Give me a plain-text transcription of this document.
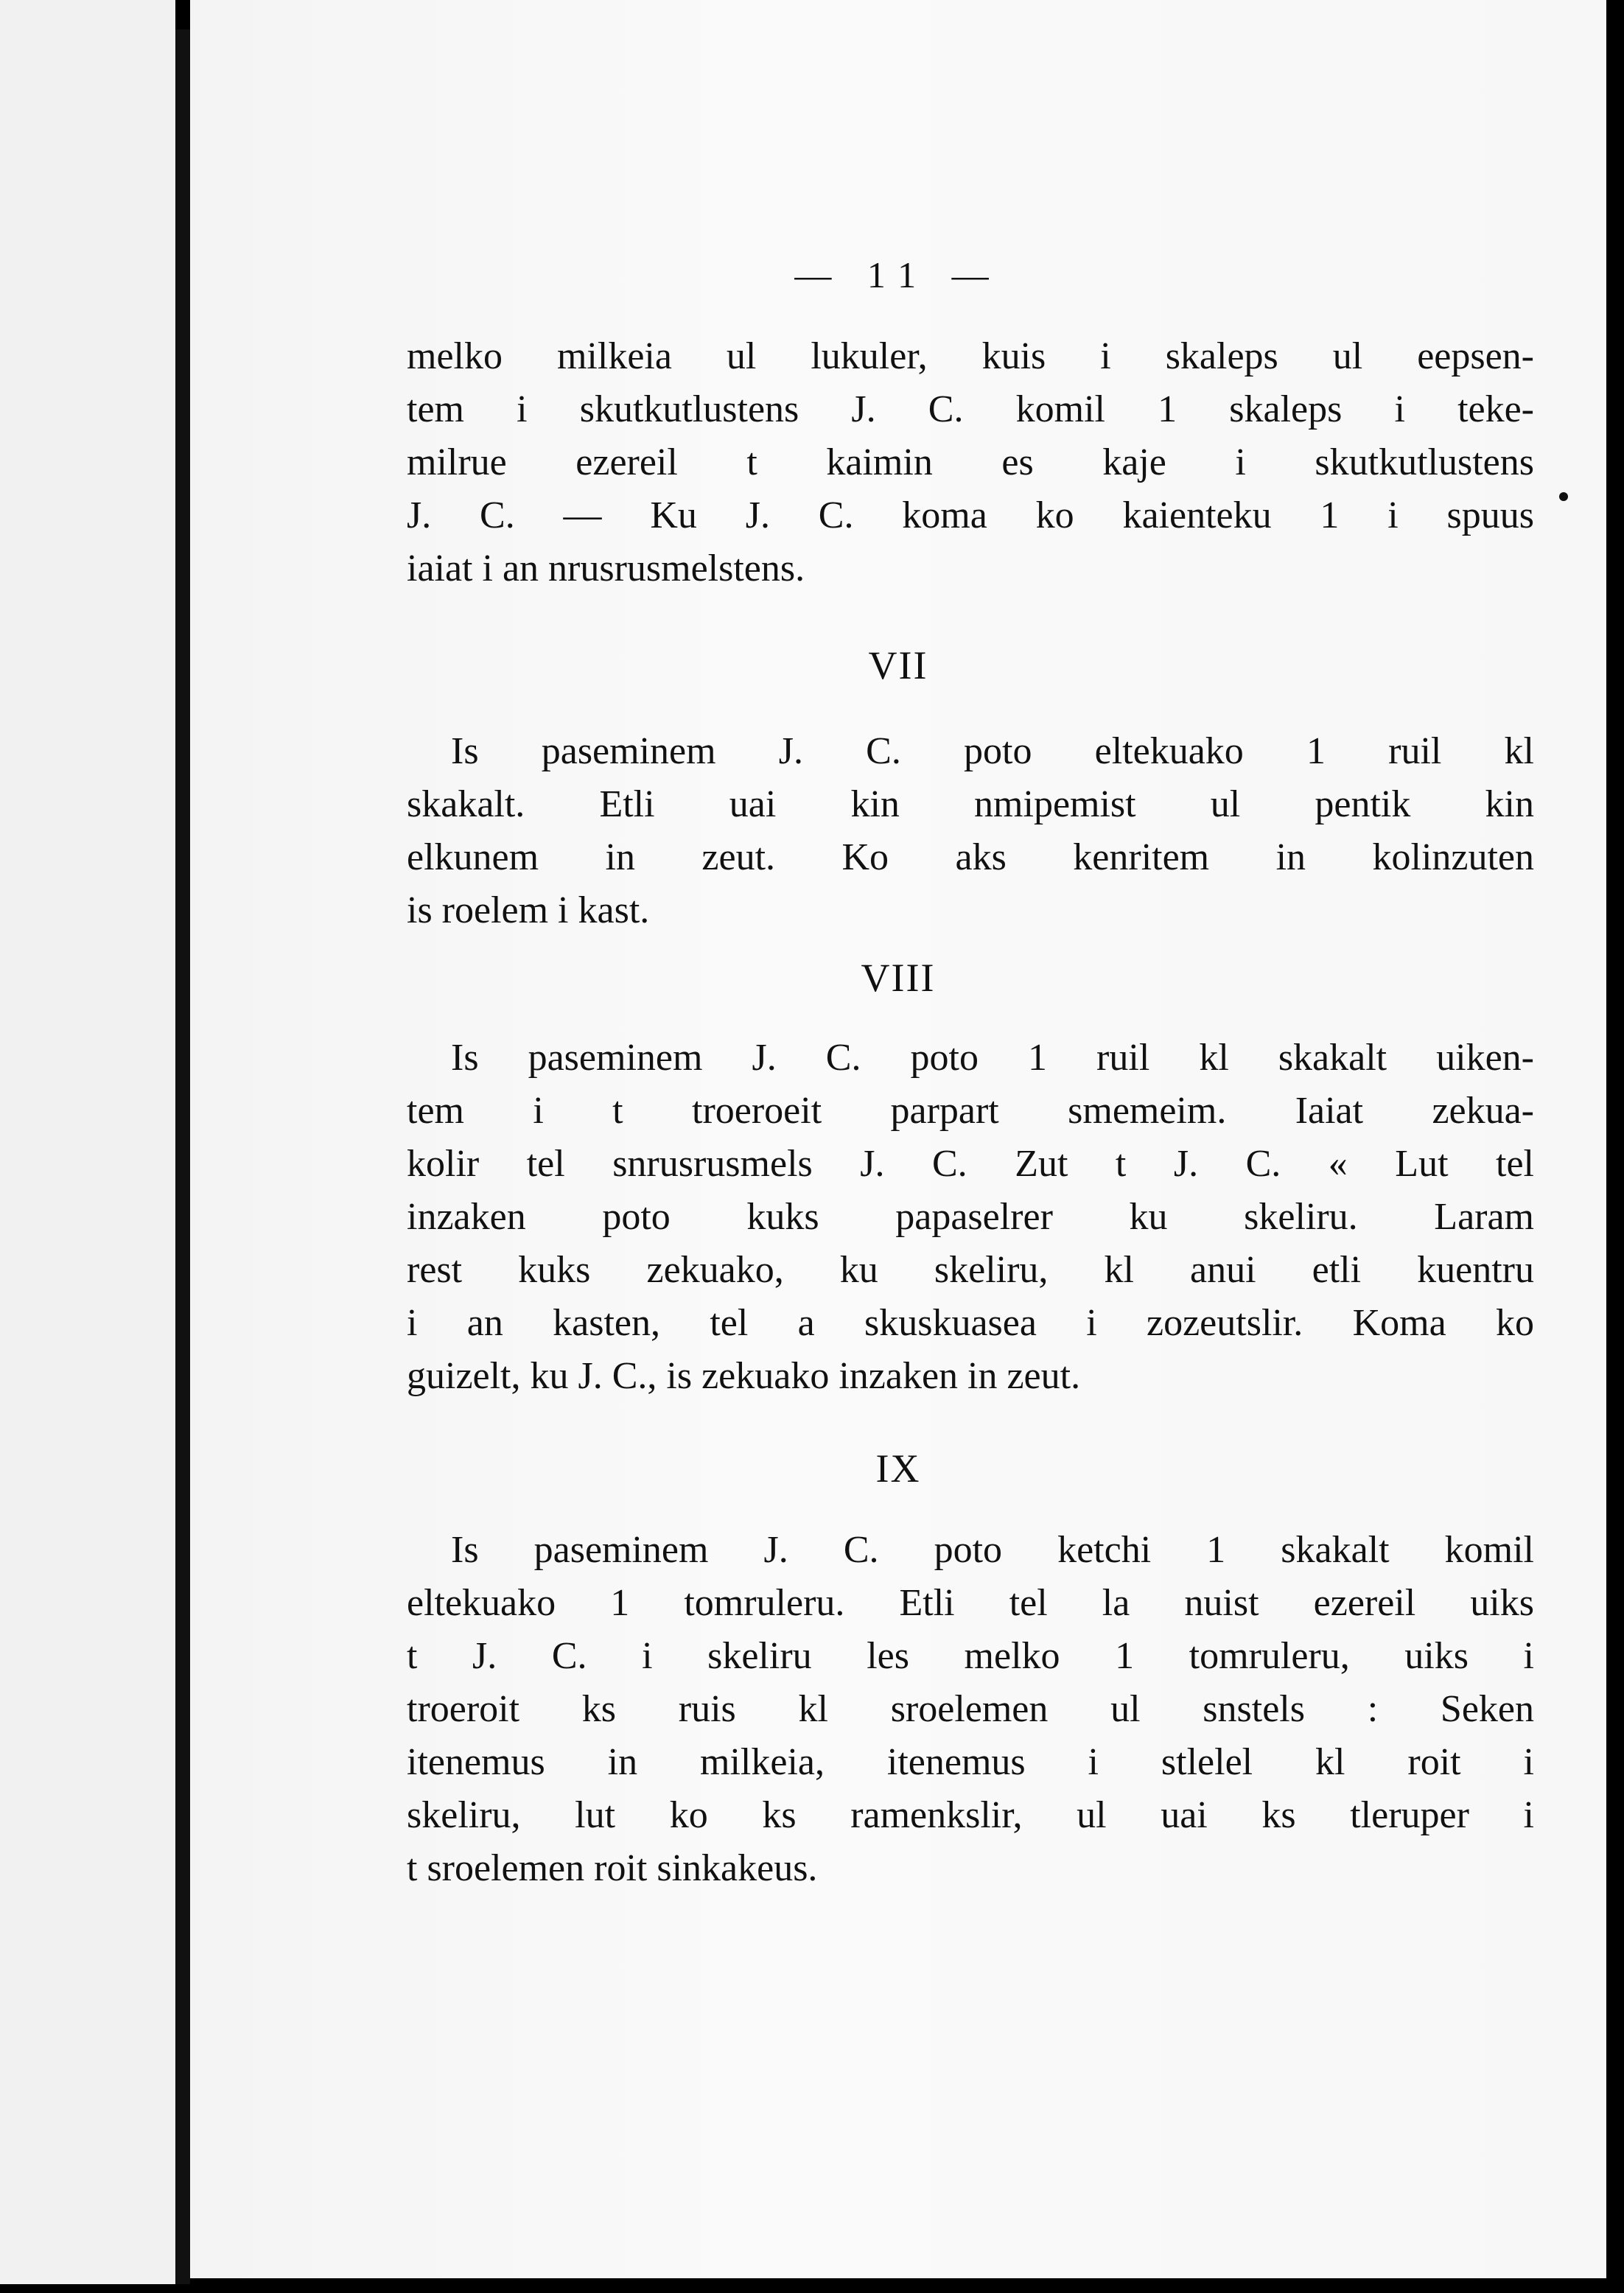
— 11 —
melko milkeia ul lukuler, kuis i skaleps ul eepsen-
tem i skutkutlustens J. C. komil 1 skaleps i teke-
milrue ezereil t kaimin es kaje i skutkutlustens
J. C. — Ku J. C. koma ko kaienteku 1 i spuus
iaiat i an nrusrusmelstens.
VII
Is paseminem J. C. poto eltekuako 1 ruil kl
skakalt. Etli uai kin nmipemist ul pentik kin
elkunem in zeut. Ko aks kenritem in kolinzuten
is roelem i kast.
VIII
Is paseminem J. C. poto 1 ruil kl skakalt uiken-
tem i t troeroeit parpart smemeim. Iaiat zekua-
kolir tel snrusrusmels J. C. Zut t J. C. « Lut tel
inzaken poto kuks papaselrer ku skeliru. Laram
rest kuks zekuako, ku skeliru, kl anui etli kuentru
i an kasten, tel a skuskuasea i zozeutslir. Koma ko
guizelt, ku J. C., is zekuako inzaken in zeut.
IX
Is paseminem J. C. poto ketchi 1 skakalt komil
eltekuako 1 tomruleru. Etli tel la nuist ezereil uiks
t J. C. i skeliru les melko 1 tomruleru, uiks i
troeroit ks ruis kl sroelemen ul snstels : Seken
itenemus in milkeia, itenemus i stlelel kl roit i
skeliru, lut ko ks ramenkslir, ul uai ks tleruper i
t sroelemen roit sinkakeus.
